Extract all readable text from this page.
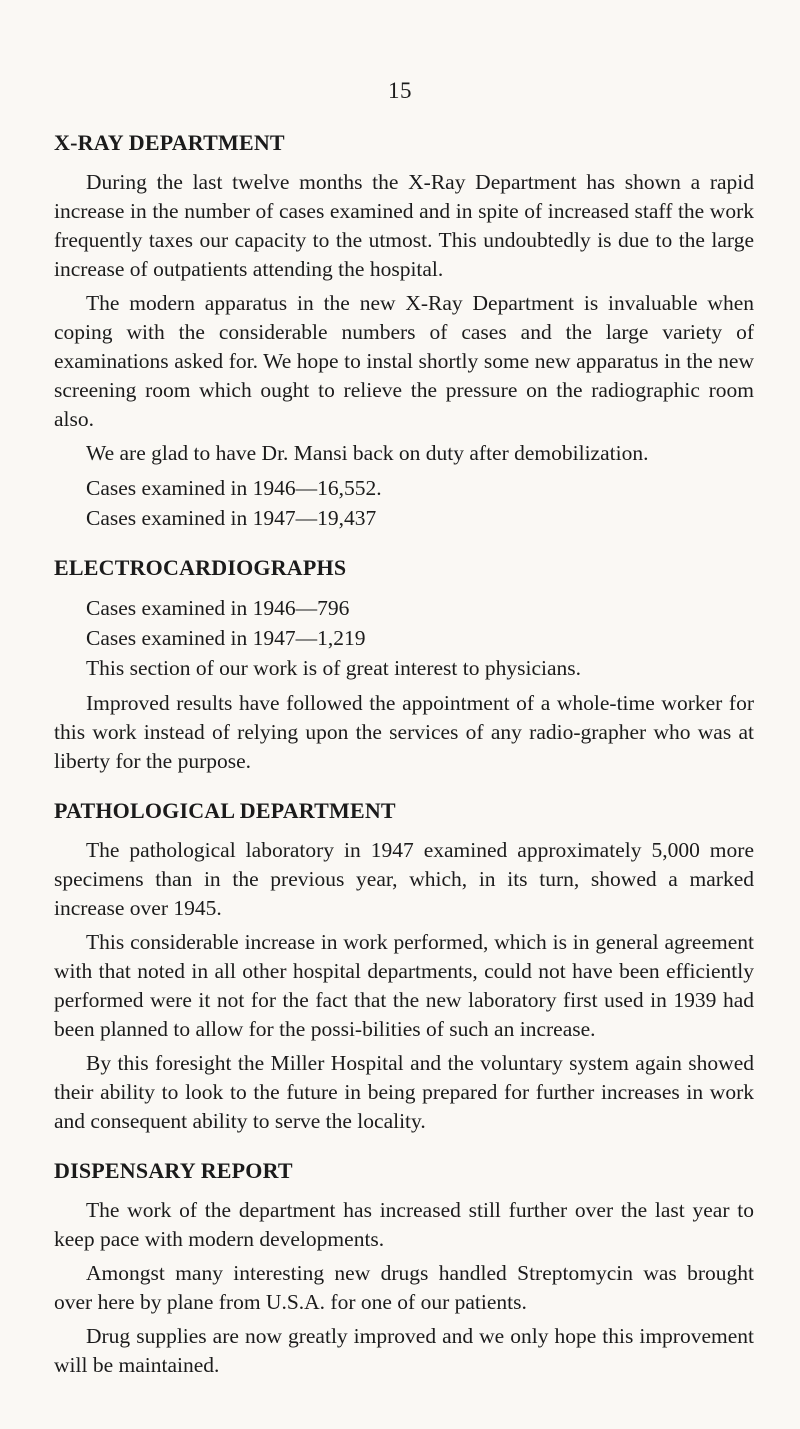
15
X-RAY DEPARTMENT

During the last twelve months the X-Ray Department has shown a rapid increase in the number of cases examined and in spite of increased staff the work frequently taxes our capacity to the utmost. This undoubtedly is due to the large increase of outpatients attending the hospital.

The modern apparatus in the new X-Ray Department is invaluable when coping with the considerable numbers of cases and the large variety of examinations asked for. We hope to instal shortly some new apparatus in the new screening room which ought to relieve the pressure on the radiographic room also.

We are glad to have Dr. Mansi back on duty after demobilization.

Cases examined in 1946—16,552.

Cases examined in 1947—19,437

ELECTROCARDIOGRAPHS

Cases examined in 1946—796

Cases examined in 1947—1,219

This section of our work is of great interest to physicians.

Improved results have followed the appointment of a whole-time worker for this work instead of relying upon the services of any radio-grapher who was at liberty for the purpose.

PATHOLOGICAL DEPARTMENT

The pathological laboratory in 1947 examined approximately 5,000 more specimens than in the previous year, which, in its turn, showed a marked increase over 1945.

This considerable increase in work performed, which is in general agreement with that noted in all other hospital departments, could not have been efficiently performed were it not for the fact that the new laboratory first used in 1939 had been planned to allow for the possi-bilities of such an increase.

By this foresight the Miller Hospital and the voluntary system again showed their ability to look to the future in being prepared for further increases in work and consequent ability to serve the locality.

DISPENSARY REPORT

The work of the department has increased still further over the last year to keep pace with modern developments.

Amongst many interesting new drugs handled Streptomycin was brought over here by plane from U.S.A. for one of our patients.

Drug supplies are now greatly improved and we only hope this improvement will be maintained.
